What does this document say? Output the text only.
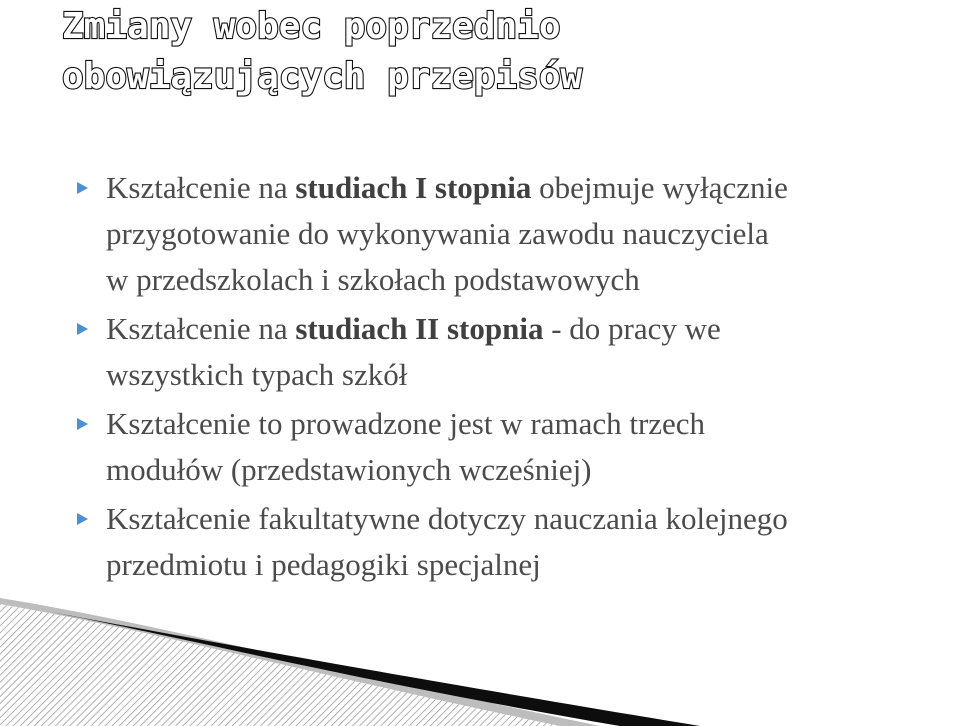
Zmiany wobec poprzednio
obowiązujących przepisów
Kształcenie na studiach I stopnia obejmuje wyłącznie
przygotowanie do wykonywania zawodu nauczyciela
w przedszkolach i szkołach podstawowych
Kształcenie na studiach II stopnia - do pracy we
wszystkich typach szkół
Kształcenie to prowadzone jest w ramach trzech
modułów (przedstawionych wcześniej)
Kształcenie fakultatywne dotyczy nauczania kolejnego
przedmiotu i pedagogiki specjalnej
